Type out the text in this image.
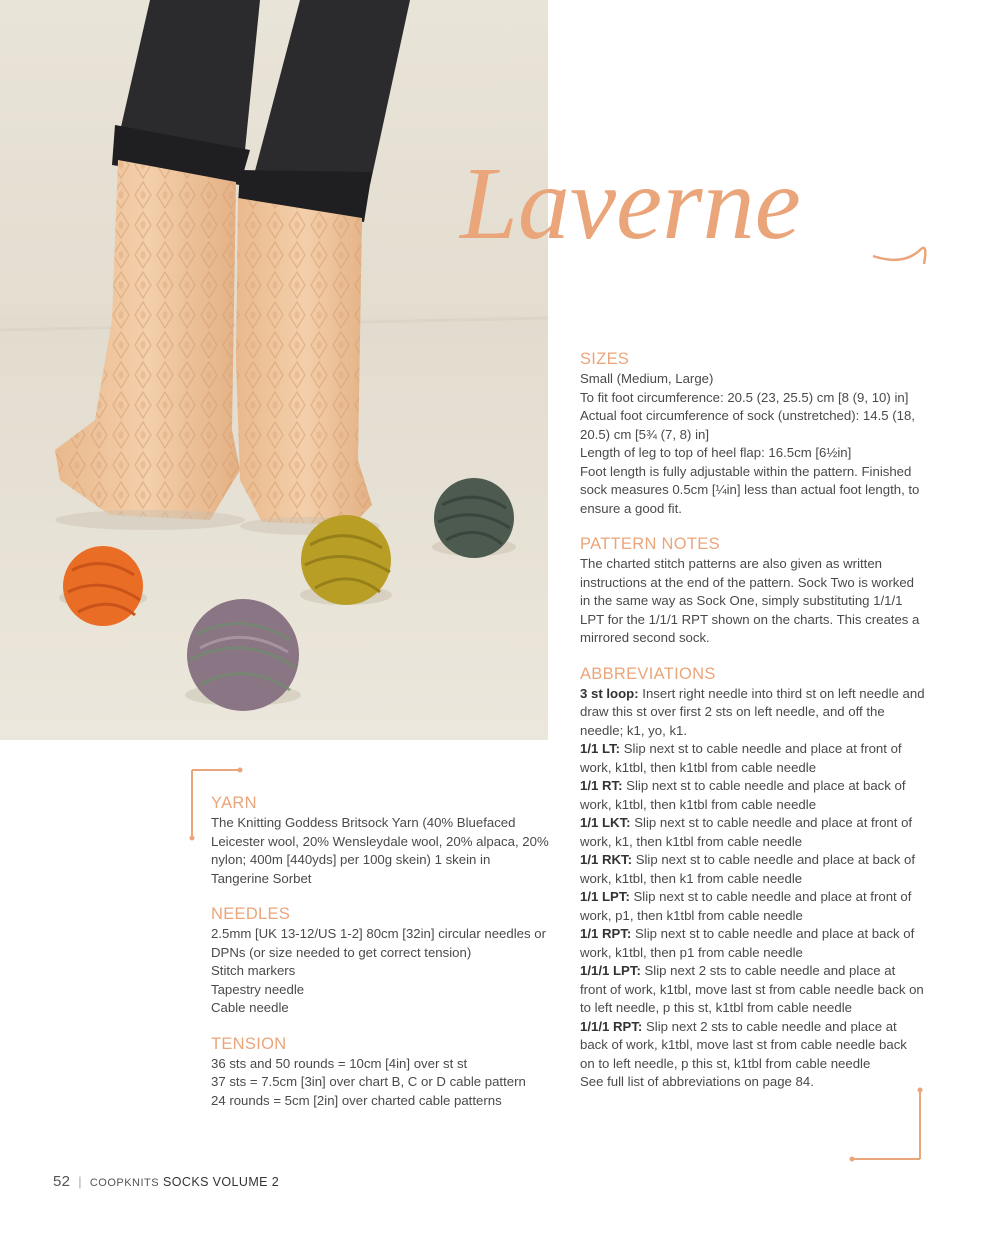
Laverne

SIZES

Small (Medium, Large)
To fit foot circumference: 20.5 (23, 25.5) cm [8 (9, 10) in]
Actual foot circumference of sock (unstretched): 14.5 (18, 20.5) cm [5¾ (7, 8) in]
Length of leg to top of heel flap: 16.5cm [6½in]
Foot length is fully adjustable within the pattern. Finished sock measures 0.5cm [¼in] less than actual foot length, to ensure a good fit.

PATTERN NOTES

The charted stitch patterns are also given as written instructions at the end of the pattern. Sock Two is worked in the same way as Sock One, simply substituting 1/1/1 LPT for the 1/1/1 RPT shown on the charts. This creates a mirrored second sock.

ABBREVIATIONS

3 st loop: Insert right needle into third st on left needle and draw this st over first 2 sts on left needle, and off the needle; k1, yo, k1.
1/1 LT: Slip next st to cable needle and place at front of work, k1tbl, then k1tbl from cable needle
1/1 RT: Slip next st to cable needle and place at back of work, k1tbl, then k1tbl from cable needle
1/1 LKT: Slip next st to cable needle and place at front of work, k1, then k1tbl from cable needle
1/1 RKT: Slip next st to cable needle and place at back of work, k1tbl, then k1 from cable needle
1/1 LPT: Slip next st to cable needle and place at front of work, p1, then k1tbl from cable needle
1/1 RPT: Slip next st to cable needle and place at back of work, k1tbl, then p1 from cable needle
1/1/1 LPT: Slip next 2 sts to cable needle and place at front of work, k1tbl, move last st from cable needle back on to left needle, p this st, k1tbl from cable needle
1/1/1 RPT: Slip next 2 sts to cable needle and place at back of work, k1tbl, move last st from cable needle back on to left needle, p this st, k1tbl from cable needle

See full list of abbreviations on page 84.

YARN

The Knitting Goddess Britsock Yarn (40% Bluefaced Leicester wool, 20% Wensleydale wool, 20% alpaca, 20% nylon; 400m [440yds] per 100g skein) 1 skein in Tangerine Sorbet

NEEDLES

2.5mm [UK 13-12/US 1-2] 80cm [32in] circular needles or DPNs (or size needed to get correct tension)
Stitch markers
Tapestry needle
Cable needle

TENSION

36 sts and 50 rounds = 10cm [4in] over st st
37 sts = 7.5cm [3in] over chart B, C or D cable pattern
24 rounds = 5cm [2in] over charted cable patterns
52 | COOPKNITS SOCKS VOLUME 2
